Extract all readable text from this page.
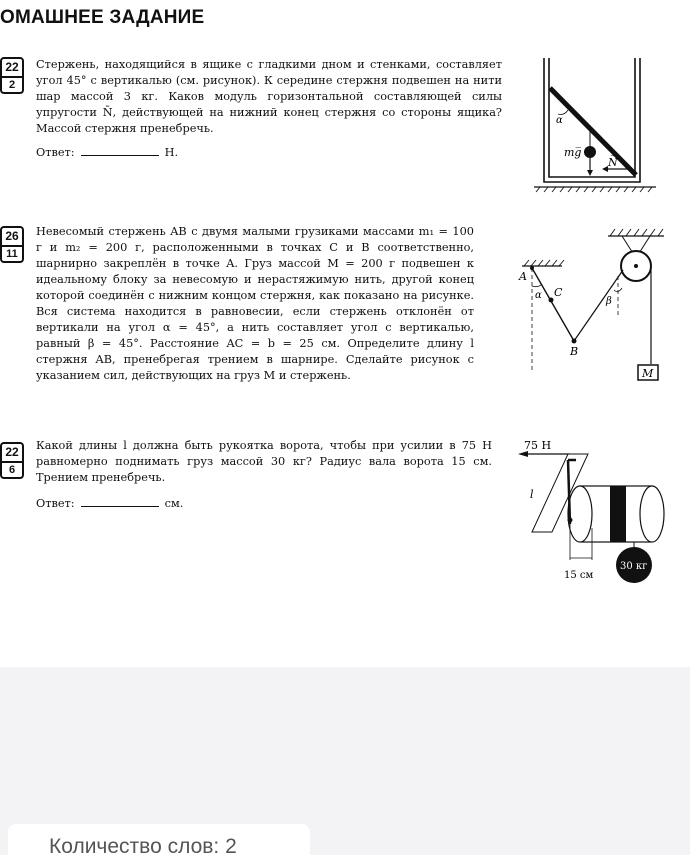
ОМАШНЕЕ ЗАДАНИЕ
22
2

Стержень, находящийся в ящике с гладкими дном и стенками, составляет угол 45° с вертикалью (см. рисунок). К середине стержня подвешен на нити шар массой 3 кг. Каков модуль горизонтальной составляющей силы упругости N̄, действующей на нижний конец стержня со стороны ящика? Массой стержня пренебречь.

Ответ:	Н.
α
mg̅
N̅
26
11

Невесомый стержень AB с двумя малыми грузиками массами m₁ = 100 г и m₂ = 200 г, расположенными в точках C и B соответственно, шарнирно закреплён в точке A. Груз массой M = 200 г подвешен к идеальному блоку за невесомую и нерастяжимую нить, другой конец которой соединён с нижним концом стержня, как показано на рисунке. Вся система находится в равновесии, если стержень отклонён от вертикали на угол α = 45°, а нить составляет угол с вертикалью, равный β = 45°. Расстояние AC = b = 25 см. Определите длину l стержня AB, пренебрегая трением в шарнире. Сделайте рисунок с указанием сил, действующих на груз M и стержень.

A
C
B
α
β
M
22
6

Какой длины l должна быть рукоятка ворота, чтобы при усилии в 75 Н равномерно поднимать груз массой 30 кг? Радиус вала ворота 15 см. Трением пренебречь.

Ответ:	см.
75 Н
30 кг
15 см
l
Количество слов: 2
